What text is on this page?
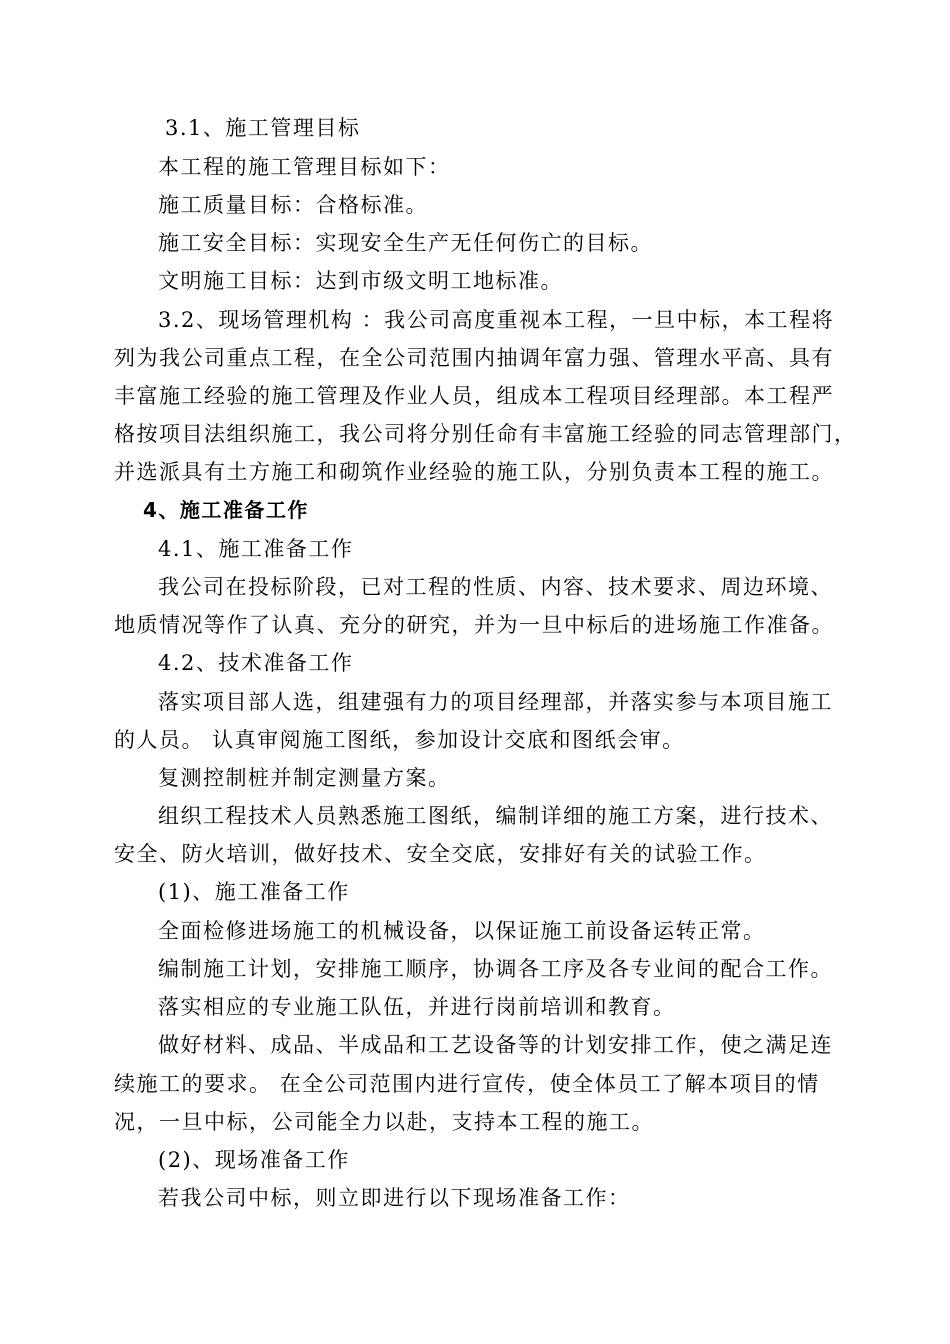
3.1、施工管理目标
本工程的施工管理目标如下：
施工质量目标：合格标准。
施工安全目标：实现安全生产无任何伤亡的目标。
文明施工目标：达到市级文明工地标准。
3.2、现场管理机构 ：我公司高度重视本工程，一旦中标，本工程将
列为我公司重点工程，在全公司范围内抽调年富力强、管理水平高、具有
丰富施工经验的施工管理及作业人员，组成本工程项目经理部。本工程严
格按项目法组织施工，我公司将分别任命有丰富施工经验的同志管理部门，
并选派具有土方施工和砌筑作业经验的施工队，分别负责本工程的施工。
4、施工准备工作
4.1、施工准备工作
我公司在投标阶段，已对工程的性质、内容、技术要求、周边环境、
地质情况等作了认真、充分的研究，并为一旦中标后的进场施工作准备。
4.2、技术准备工作
落实项目部人选，组建强有力的项目经理部，并落实参与本项目施工
的人员。 认真审阅施工图纸，参加设计交底和图纸会审。
复测控制桩并制定测量方案。
组织工程技术人员熟悉施工图纸，编制详细的施工方案，进行技术、
安全、防火培训，做好技术、安全交底，安排好有关的试验工作。
(1)、施工准备工作
全面检修进场施工的机械设备，以保证施工前设备运转正常。
编制施工计划，安排施工顺序，协调各工序及各专业间的配合工作。
落实相应的专业施工队伍，并进行岗前培训和教育。
做好材料、成品、半成品和工艺设备等的计划安排工作，使之满足连
续施工的要求。 在全公司范围内进行宣传，使全体员工了解本项目的情
况，一旦中标，公司能全力以赴，支持本工程的施工。
(2)、现场准备工作
若我公司中标，则立即进行以下现场准备工作：
